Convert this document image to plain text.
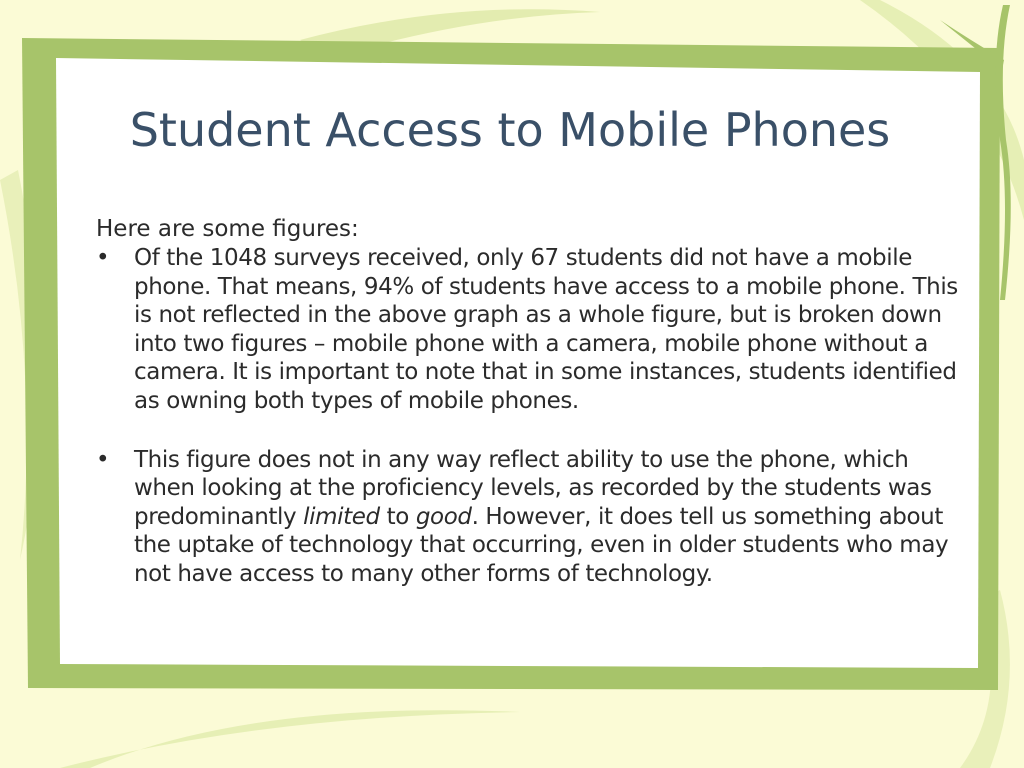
Student Access to Mobile Phones

Here are some figures:

• Of the 1048 surveys received, only 67 students did not have a mobile phone. That means, 94% of students have access to a mobile phone. This is not reflected in the above graph as a whole figure, but is broken down into two figures – mobile phone with a camera, mobile phone without a camera. It is important to note that in some instances, students identified as owning both types of mobile phones.
• This figure does not in any way reflect ability to use the phone, which when looking at the proficiency levels, as recorded by the students was predominantly limited to good. However, it does tell us something about the uptake of technology that occurring, even in older students who may not have access to many other forms of technology.
